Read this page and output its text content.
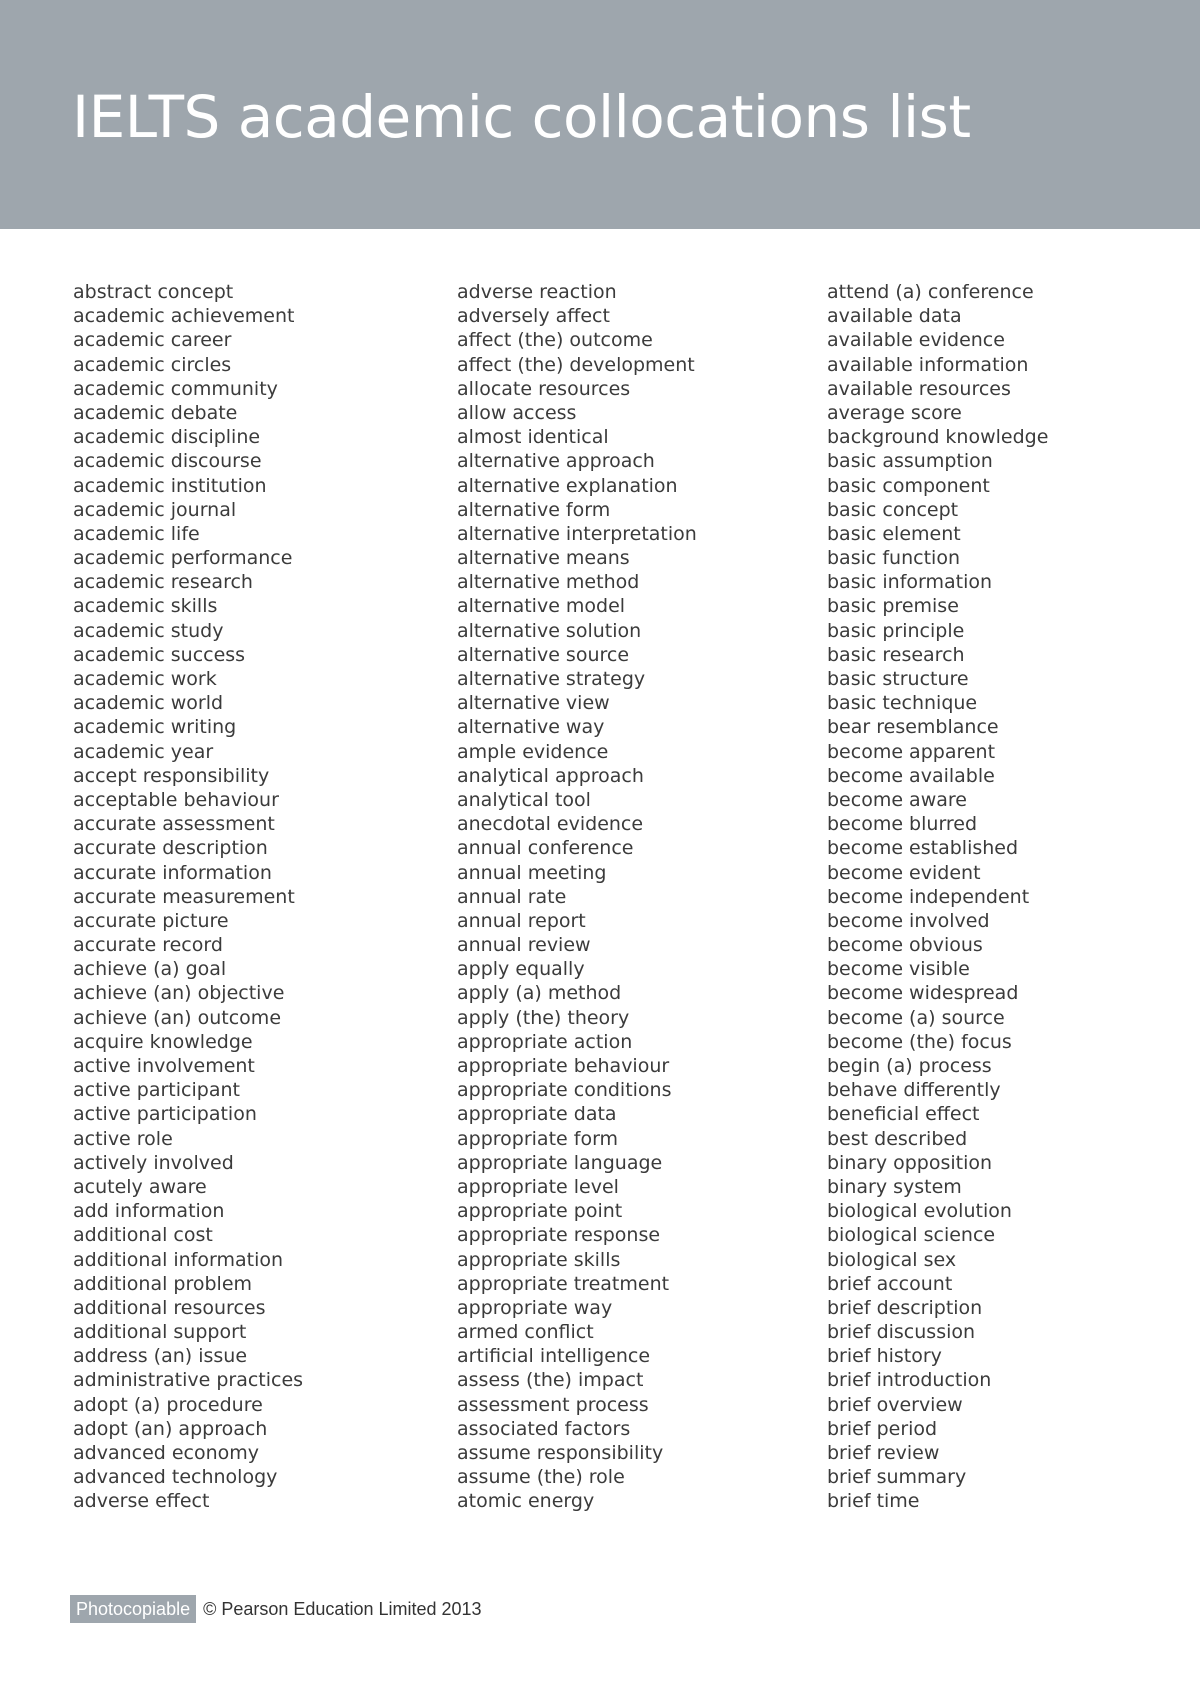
IELTS academic collocations list
abstract concept
academic achievement
academic career
academic circles
academic community
academic debate
academic discipline
academic discourse
academic institution
academic journal
academic life
academic performance
academic research
academic skills
academic study
academic success
academic work
academic world
academic writing
academic year
accept responsibility
acceptable behaviour
accurate assessment
accurate description
accurate information
accurate measurement
accurate picture
accurate record
achieve (a) goal
achieve (an) objective
achieve (an) outcome
acquire knowledge
active involvement
active participant
active participation
active role
actively involved
acutely aware
add information
additional cost
additional information
additional problem
additional resources
additional support
address (an) issue
administrative practices
adopt (a) procedure
adopt (an) approach
advanced economy
advanced technology
adverse effect
adverse reaction
adversely affect
affect (the) outcome
affect (the) development
allocate resources
allow access
almost identical
alternative approach
alternative explanation
alternative form
alternative interpretation
alternative means
alternative method
alternative model
alternative solution
alternative source
alternative strategy
alternative view
alternative way
ample evidence
analytical approach
analytical tool
anecdotal evidence
annual conference
annual meeting
annual rate
annual report
annual review
apply equally
apply (a) method
apply (the) theory
appropriate action
appropriate behaviour
appropriate conditions
appropriate data
appropriate form
appropriate language
appropriate level
appropriate point
appropriate response
appropriate skills
appropriate treatment
appropriate way
armed conflict
artificial intelligence
assess (the) impact
assessment process
associated factors
assume responsibility
assume (the) role
atomic energy
attend (a) conference
available data
available evidence
available information
available resources
average score
background knowledge
basic assumption
basic component
basic concept
basic element
basic function
basic information
basic premise
basic principle
basic research
basic structure
basic technique
bear resemblance
become apparent
become available
become aware
become blurred
become established
become evident
become independent
become involved
become obvious
become visible
become widespread
become (a) source
become (the) focus
begin (a) process
behave differently
beneficial effect
best described
binary opposition
binary system
biological evolution
biological science
biological sex
brief account
brief description
brief discussion
brief history
brief introduction
brief overview
brief period
brief review
brief summary
brief time
Photocopiable © Pearson Education Limited 2013
